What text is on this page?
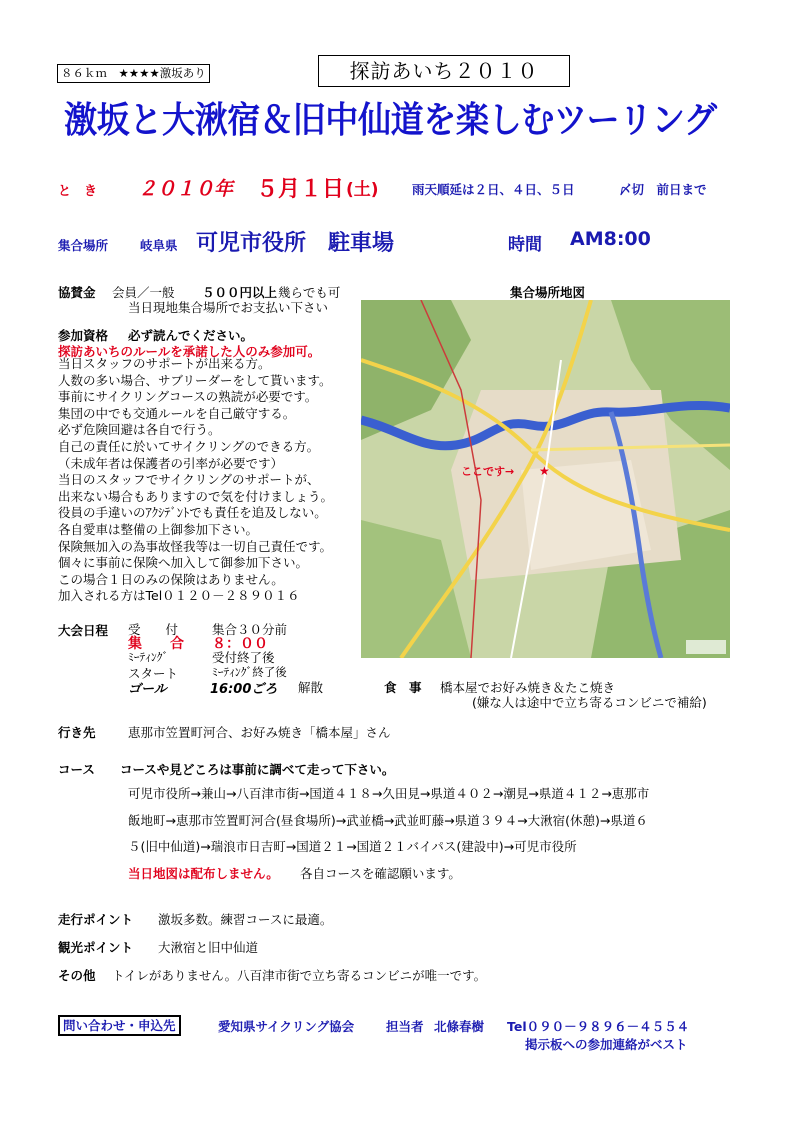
８６ｋｍ　★★★★激坂あり	探訪あいち２０１０
激坂と大湫宿＆旧中仙道を楽しむツーリング
と　き ２０１０年 ５月１日 (土)	雨天順延は２日、４日、５日	〆切　前日まで
集合場所	岐阜県 可児市役所　駐車場	時間 AM8:00
協賛金 会員／一般 ５００円以上 幾らでも可
当日現地集合場所でお支払い下さい
参加資格 必ず読んでください。
探訪あいちのルールを承諾した人のみ参加可。
当日スタッフのサポートが出来る方。
人数の多い場合、サブリーダーをして貰います。
事前にサイクリングコースの熟読が必要です。
集団の中でも交通ルールを自己厳守する。
必ず危険回避は各自で行う。
自己の責任に於いてサイクリングのできる方。
（未成年者は保護者の引率が必要です）
当日のスタッフでサイクリングのサポートが、
出来ない場合もありますので気を付けましょう。
役員の手違いのｱｸｼﾃﾞﾝﾄでも責任を追及しない。
各自愛車は整備の上御参加下さい。
保険無加入の為事故怪我等は一切自己責任です。
個々に事前に保険へ加入して御参加下さい。
この場合１日のみの保険はありません。
加入される方はTel０１２０－２８９０１６
集合場所地図
ここです→ ★
大会日程 受　　付	集合３０分前
集　　合 ８：００
ﾐｰﾃｨﾝｸﾞ	受付終了後
スタート	ﾐｰﾃｨﾝｸﾞ終了後
ゴール	16:00ごろ 解散	食　事 橋本屋でお好み焼き＆たこ焼き
(嫌な人は途中で立ち寄るコンビニで補給)
行き先	恵那市笠置町河合、お好み焼き「橋本屋」さん
コース コースや見どころは事前に調べて走って下さい。
可児市役所→兼山→八百津市街→国道４１８→久田見→県道４０２→潮見→県道４１２→恵那市
飯地町→恵那市笠置町河合(昼食場所)→武並橋→武並町藤→県道３９４→大湫宿(休憩)→県道６
５(旧中仙道)→瑞浪市日吉町→国道２１→国道２１バイパス(建設中)→可児市役所
当日地図は配布しません。 各自コースを確認願います。
走行ポイント 激坂多数。練習コースに最適。
観光ポイント 大湫宿と旧中仙道
その他 トイレがありません。八百津市街で立ち寄るコンビニが唯一です。
問い合わせ・申込先	愛知県サイクリング協会	担当者 北條春樹 Tel０９０－９８９６－４５５４
掲示板への参加連絡がベスト
